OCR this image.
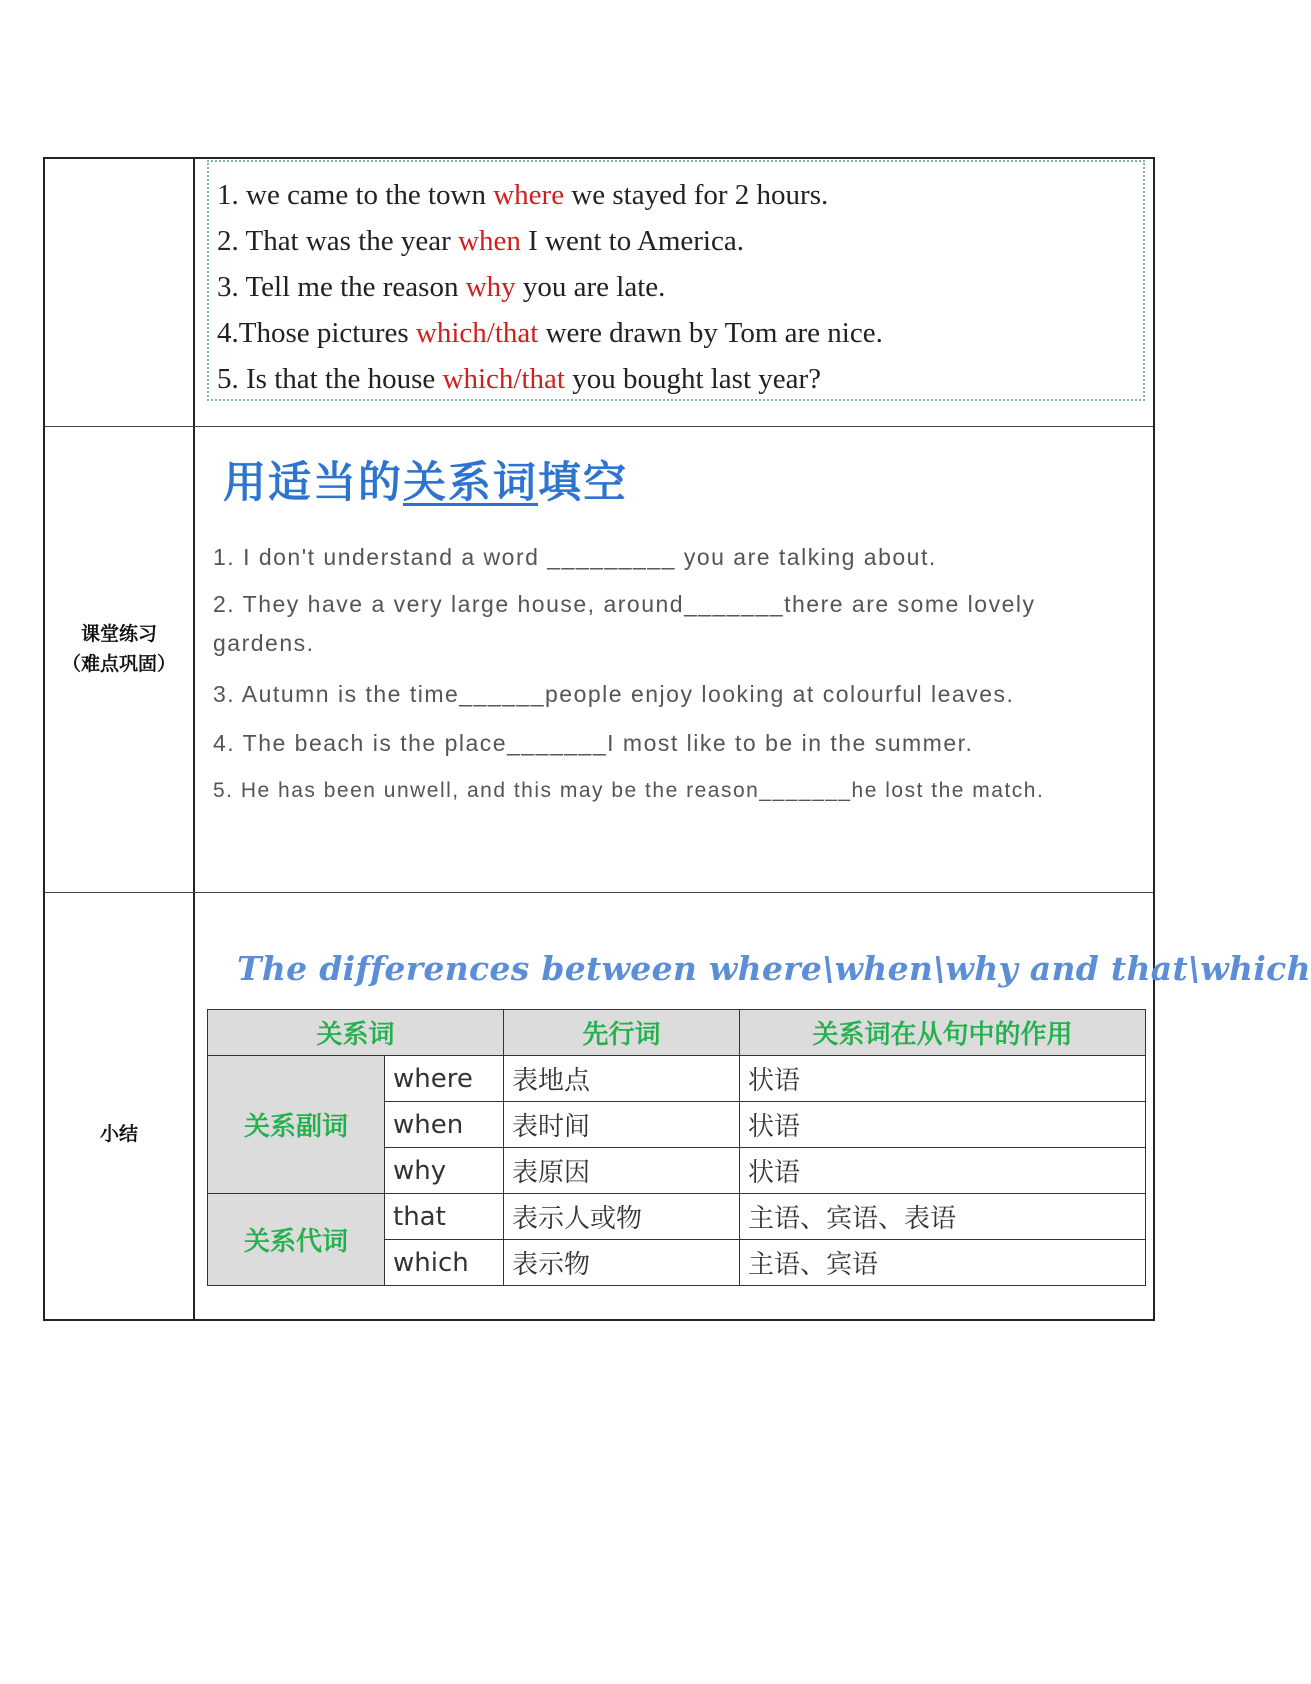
1. we came to the town where we stayed for 2 hours.
2. That was the year when I went to America.
3. Tell me the reason why you are late.
4.Those pictures which/that were drawn by Tom are nice.
5. Is that the house which/that you bought last year?
课堂练习
（难点巩固）
用适当的关系词填空
1. I don't understand a word _________ you are talking about.
2. They have a very large house, around_______there are some lovely gardens.
3. Autumn is the time______people enjoy looking at colourful leaves.
4. The beach is the place_______I most like to be in the summer.
5. He has been unwell, and this may be the reason_______he lost the match.
小结
The differences between where\when\why and that\which
关系词		先行词	关系词在从句中的作用
关系副词	where	表地点	状语
	when	表时间	状语
	why	表原因	状语
关系代词	that	表示人或物	主语、宾语、表语
	which	表示物	主语、宾语
